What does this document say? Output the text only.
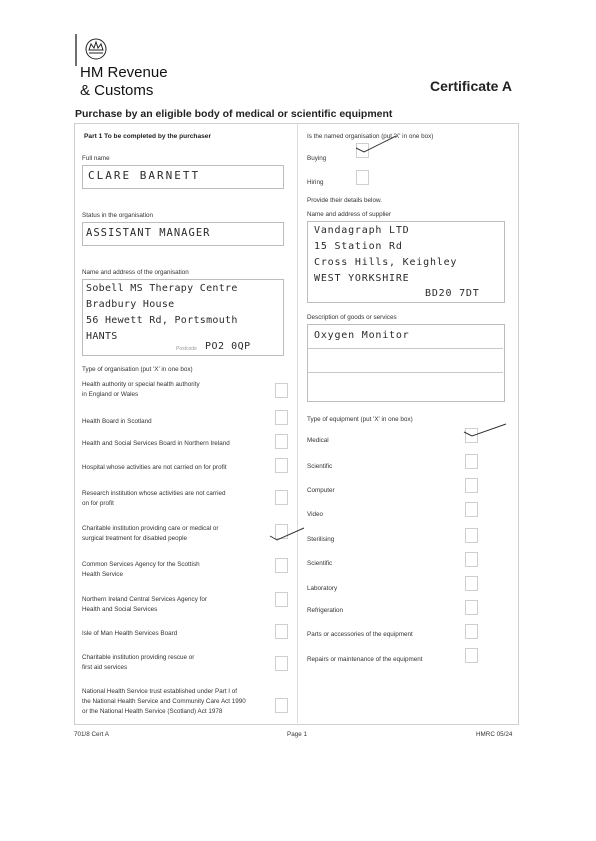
HM Revenue
& Customs	Certificate A
Purchase by an eligible body of medical or scientific equipment
Part 1 To be completed by the purchaser
Full name
CLARE BARNETT
Status in the organisation
ASSISTANT MANAGER
Name and address of the organisation
Sobell MS Therapy Centre
Bradbury House
56 Hewett Rd, Portsmouth
HANTS
Postcode PO2 0QP
Type of organisation (put 'X' in one box)
Health authority or special health authority
in England or Wales
Health Board in Scotland
Health and Social Services Board in Northern Ireland
Hospital whose activities are not carried on for profit
Research institution whose activities are not carried
on for profit
Charitable institution providing care or medical or
surgical treatment for disabled people
Common Services Agency for the Scottish
Health Service
Northern Ireland Central Services Agency for
Health and Social Services
Isle of Man Health Services Board
Charitable institution providing rescue or
first aid services
National Health Service trust established under Part I of
the National Health Service and Community Care Act 1990
or the National Health Service (Scotland) Act 1978
Is the named organisation (put 'X' in one box)
Buying
Hiring
Provide their details below.
Name and address of supplier
Vandagraph LTD
15 Station Rd
Cross Hills, Keighley
WEST YORKSHIRE
BD20 7DT
Description of goods or services
Oxygen Monitor
Type of equipment (put 'X' in one box)
Medical
Scientific
Computer
Video
Sterilising
Scientific
Laboratory
Refrigeration
Parts or accessories of the equipment
Repairs or maintenance of the equipment
701/8 Cert A	Page 1	HMRC 05/24
